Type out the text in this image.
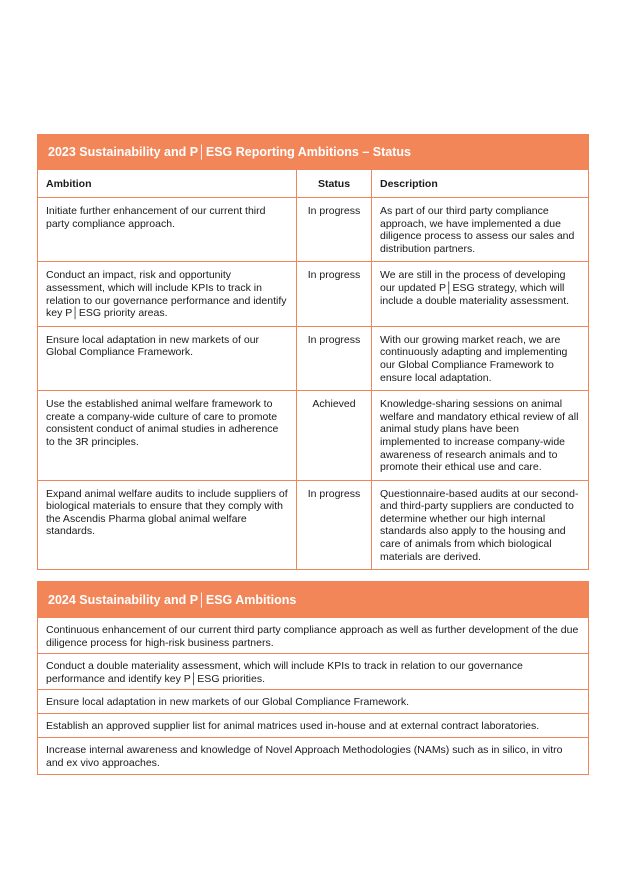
2023 Sustainability and P│ESG Reporting Ambitions – Status
Ambition	Status	Description
Initiate further enhancement of our current third party compliance approach.	In progress	As part of our third party compliance approach, we have implemented a due diligence process to assess our sales and distribution partners.
Conduct an impact, risk and opportunity assessment, which will include KPIs to track in relation to our governance performance and identify key P│ESG priority areas.	In progress	We are still in the process of developing our updated P│ESG strategy, which will include a double materiality assessment.
Ensure local adaptation in new markets of our Global Compliance Framework.	In progress	With our growing market reach, we are continuously adapting and implementing our Global Compliance Framework to ensure local adaptation.
Use the established animal welfare framework to create a company-wide culture of care to promote consistent conduct of animal studies in adherence to the 3R principles.	Achieved	Knowledge-sharing sessions on animal welfare and mandatory ethical review of all animal study plans have been implemented to increase company-wide awareness of research animals and to promote their ethical use and care.
Expand animal welfare audits to include suppliers of biological materials to ensure that they comply with the Ascendis Pharma global animal welfare standards.	In progress	Questionnaire-based audits at our second- and third-party suppliers are conducted to determine whether our high internal standards also apply to the housing and care of animals from which biological materials are derived.
2024 Sustainability and P│ESG Ambitions
Continuous enhancement of our current third party compliance approach as well as further development of the due diligence process for high-risk business partners.
Conduct a double materiality assessment, which will include KPIs to track in relation to our governance performance and identify key P│ESG priorities.
Ensure local adaptation in new markets of our Global Compliance Framework.
Establish an approved supplier list for animal matrices used in-house and at external contract laboratories.
Increase internal awareness and knowledge of Novel Approach Methodologies (NAMs) such as in silico, in vitro and ex vivo approaches.
